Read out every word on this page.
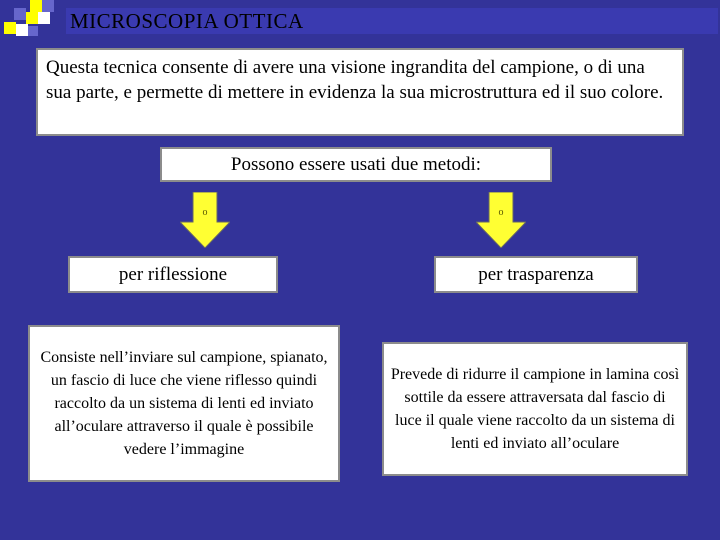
MICROSCOPIA OTTICA
Questa tecnica consente di avere una visione ingrandita del campione, o di una sua parte, e permette di mettere in evidenza la sua microstruttura ed il suo colore.
Possono essere usati due metodi:
o	o
per riflessione	per trasparenza
Consiste nell’inviare sul campione, spianato, un fascio di luce che viene riflesso quindi raccolto da un sistema di lenti ed inviato all’oculare attraverso il quale è possibile vedere l’immagine
Prevede di ridurre il campione in lamina così sottile da essere attraversata dal fascio di luce il quale viene raccolto da un sistema di lenti ed inviato all’oculare
